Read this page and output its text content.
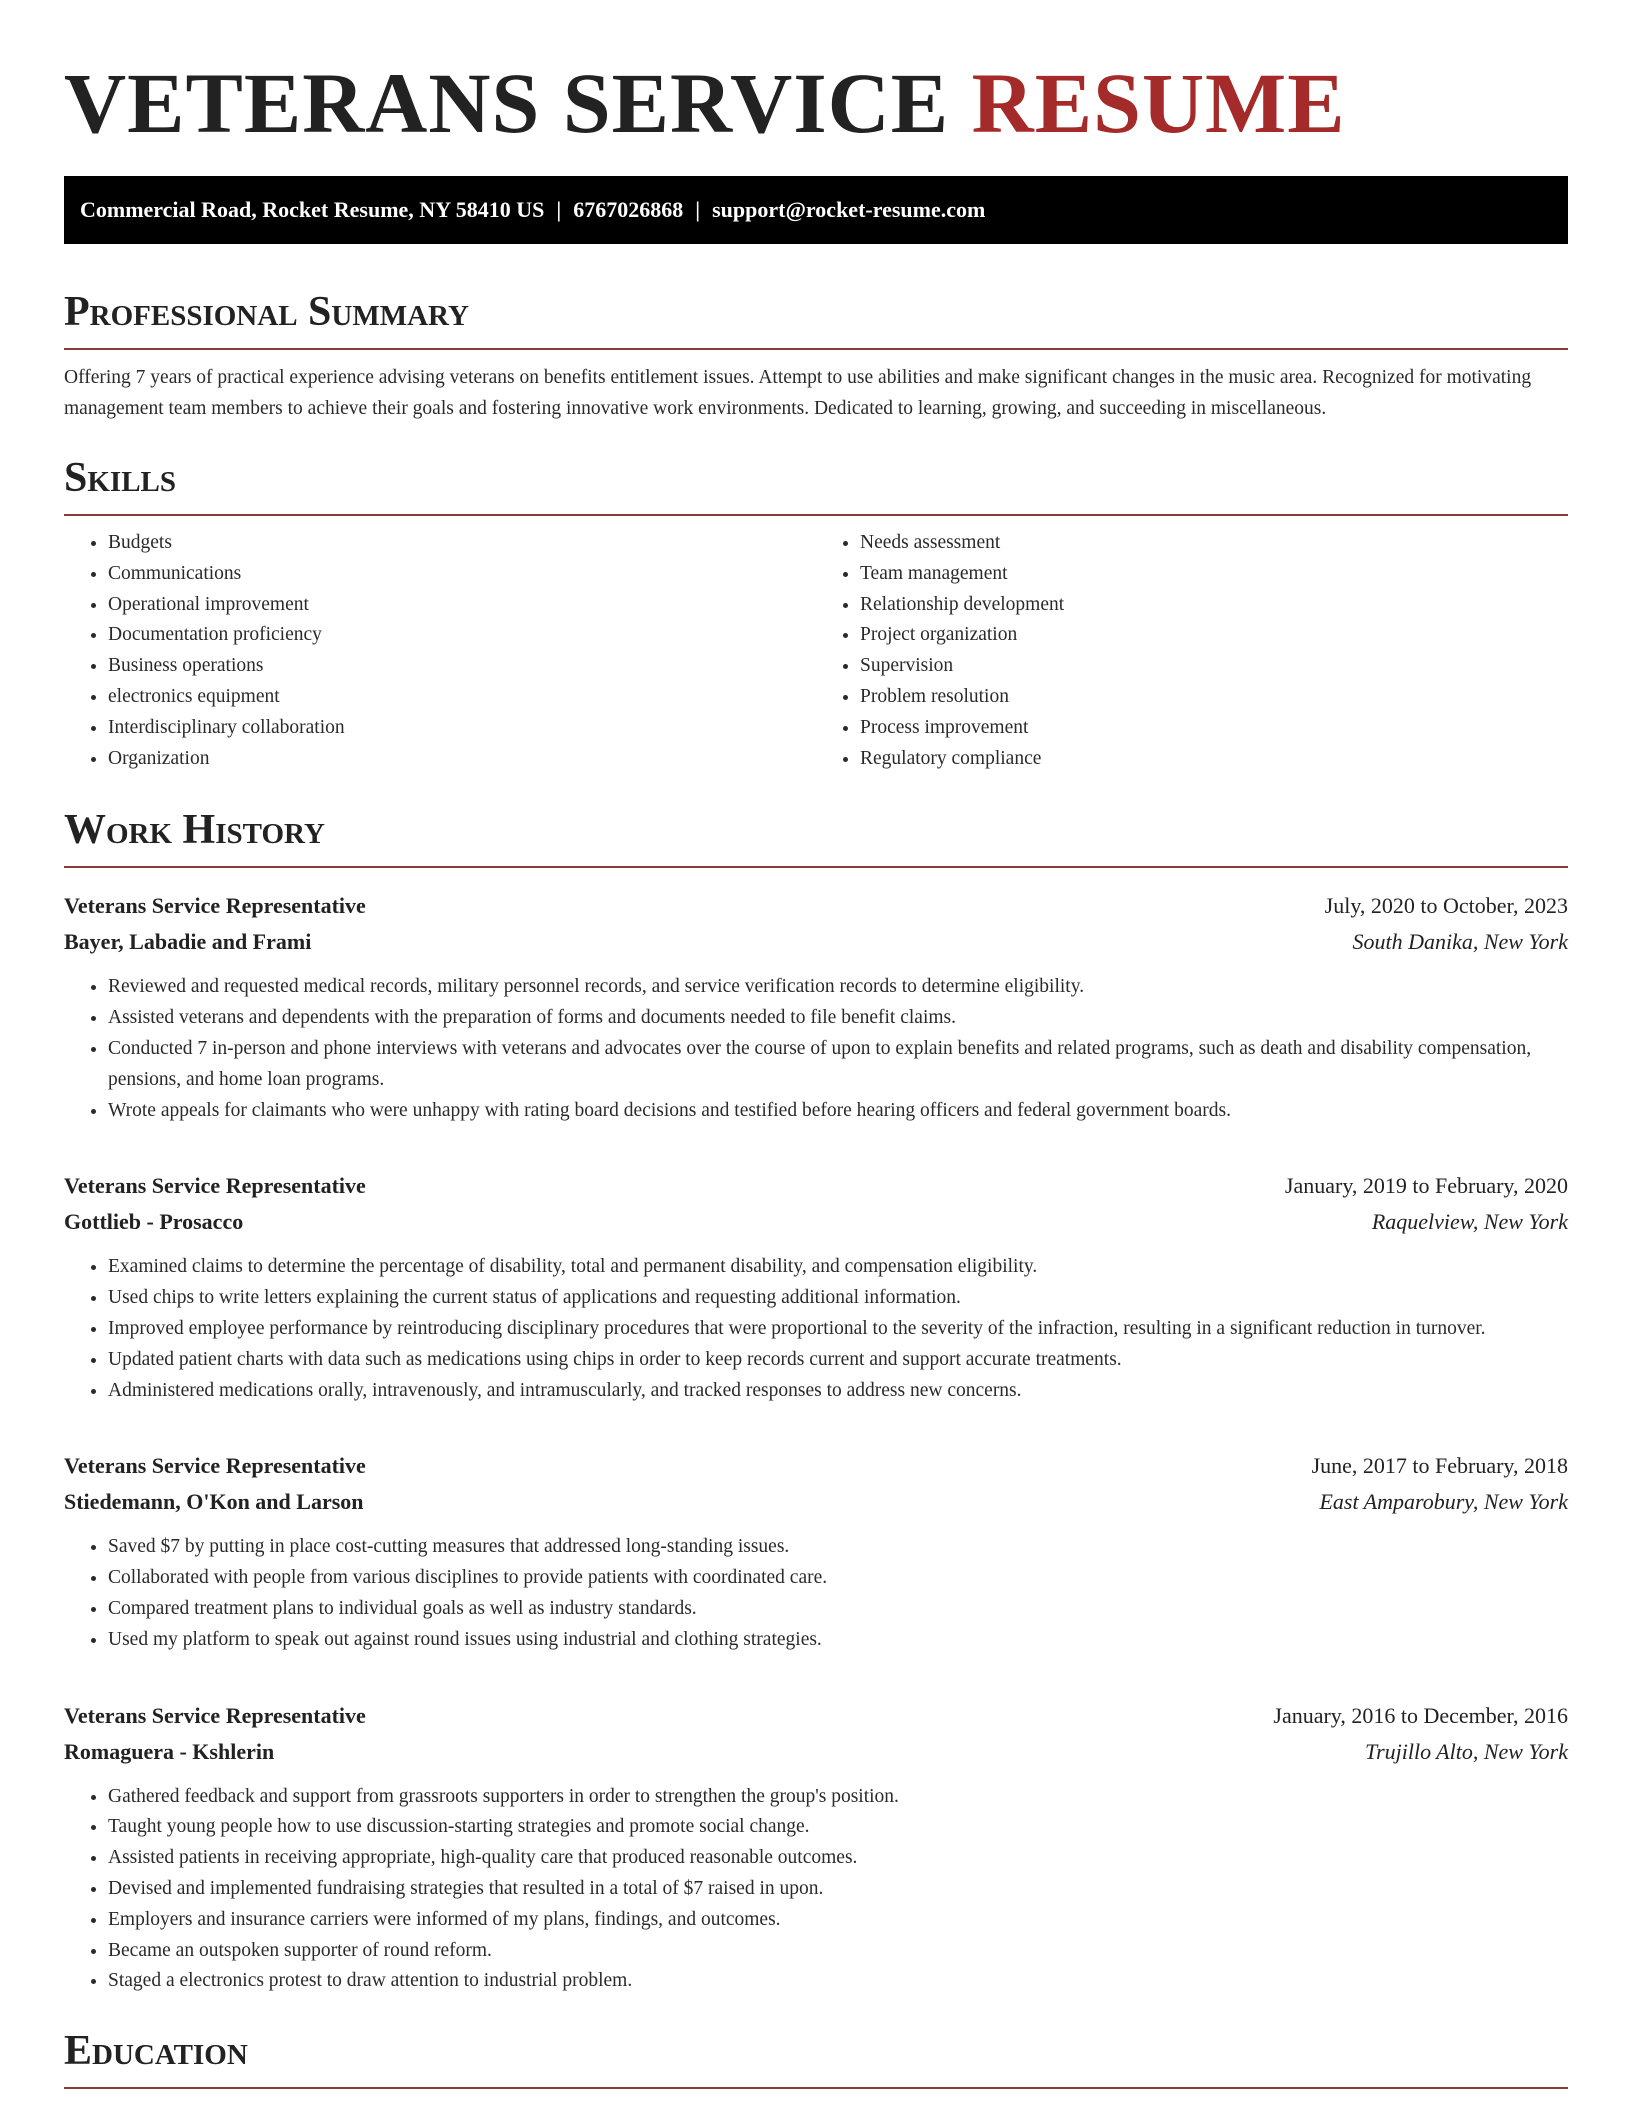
VETERANS SERVICE RESUME
Commercial Road, Rocket Resume, NY 58410 US | 6767026868 | support@rocket-resume.com
Professional Summary

Offering 7 years of practical experience advising veterans on benefits entitlement issues. Attempt to use abilities and make significant changes in the music area. Recognized for motivating management team members to achieve their goals and fostering innovative work environments. Dedicated to learning, growing, and succeeding in miscellaneous.

Skills
• Budgets
• Communications
• Operational improvement
• Documentation proficiency
• Business operations
• electronics equipment
• Interdisciplinary collaboration
• Organization
• Needs assessment
• Team management
• Relationship development
• Project organization
• Supervision
• Problem resolution
• Process improvement
• Regulatory compliance
Work History
Veterans Service Representative	July, 2020 to October, 2023
Bayer, Labadie and Frami	South Danika, New York
• Reviewed and requested medical records, military personnel records, and service verification records to determine eligibility.
• Assisted veterans and dependents with the preparation of forms and documents needed to file benefit claims.
• Conducted 7 in-person and phone interviews with veterans and advocates over the course of upon to explain benefits and related programs, such as death and disability compensation, pensions, and home loan programs.
• Wrote appeals for claimants who were unhappy with rating board decisions and testified before hearing officers and federal government boards.
Veterans Service Representative	January, 2019 to February, 2020
Gottlieb - Prosacco	Raquelview, New York
• Examined claims to determine the percentage of disability, total and permanent disability, and compensation eligibility.
• Used chips to write letters explaining the current status of applications and requesting additional information.
• Improved employee performance by reintroducing disciplinary procedures that were proportional to the severity of the infraction, resulting in a significant reduction in turnover.
• Updated patient charts with data such as medications using chips in order to keep records current and support accurate treatments.
• Administered medications orally, intravenously, and intramuscularly, and tracked responses to address new concerns.
Veterans Service Representative	June, 2017 to February, 2018
Stiedemann, O'Kon and Larson	East Amparobury, New York
• Saved $7 by putting in place cost-cutting measures that addressed long-standing issues.
• Collaborated with people from various disciplines to provide patients with coordinated care.
• Compared treatment plans to individual goals as well as industry standards.
• Used my platform to speak out against round issues using industrial and clothing strategies.
Veterans Service Representative	January, 2016 to December, 2016
Romaguera - Kshlerin	Trujillo Alto, New York
• Gathered feedback and support from grassroots supporters in order to strengthen the group's position.
• Taught young people how to use discussion-starting strategies and promote social change.
• Assisted patients in receiving appropriate, high-quality care that produced reasonable outcomes.
• Devised and implemented fundraising strategies that resulted in a total of $7 raised in upon.
• Employers and insurance carriers were informed of my plans, findings, and outcomes.
• Became an outspoken supporter of round reform.
• Staged a electronics protest to draw attention to industrial problem.
Education
